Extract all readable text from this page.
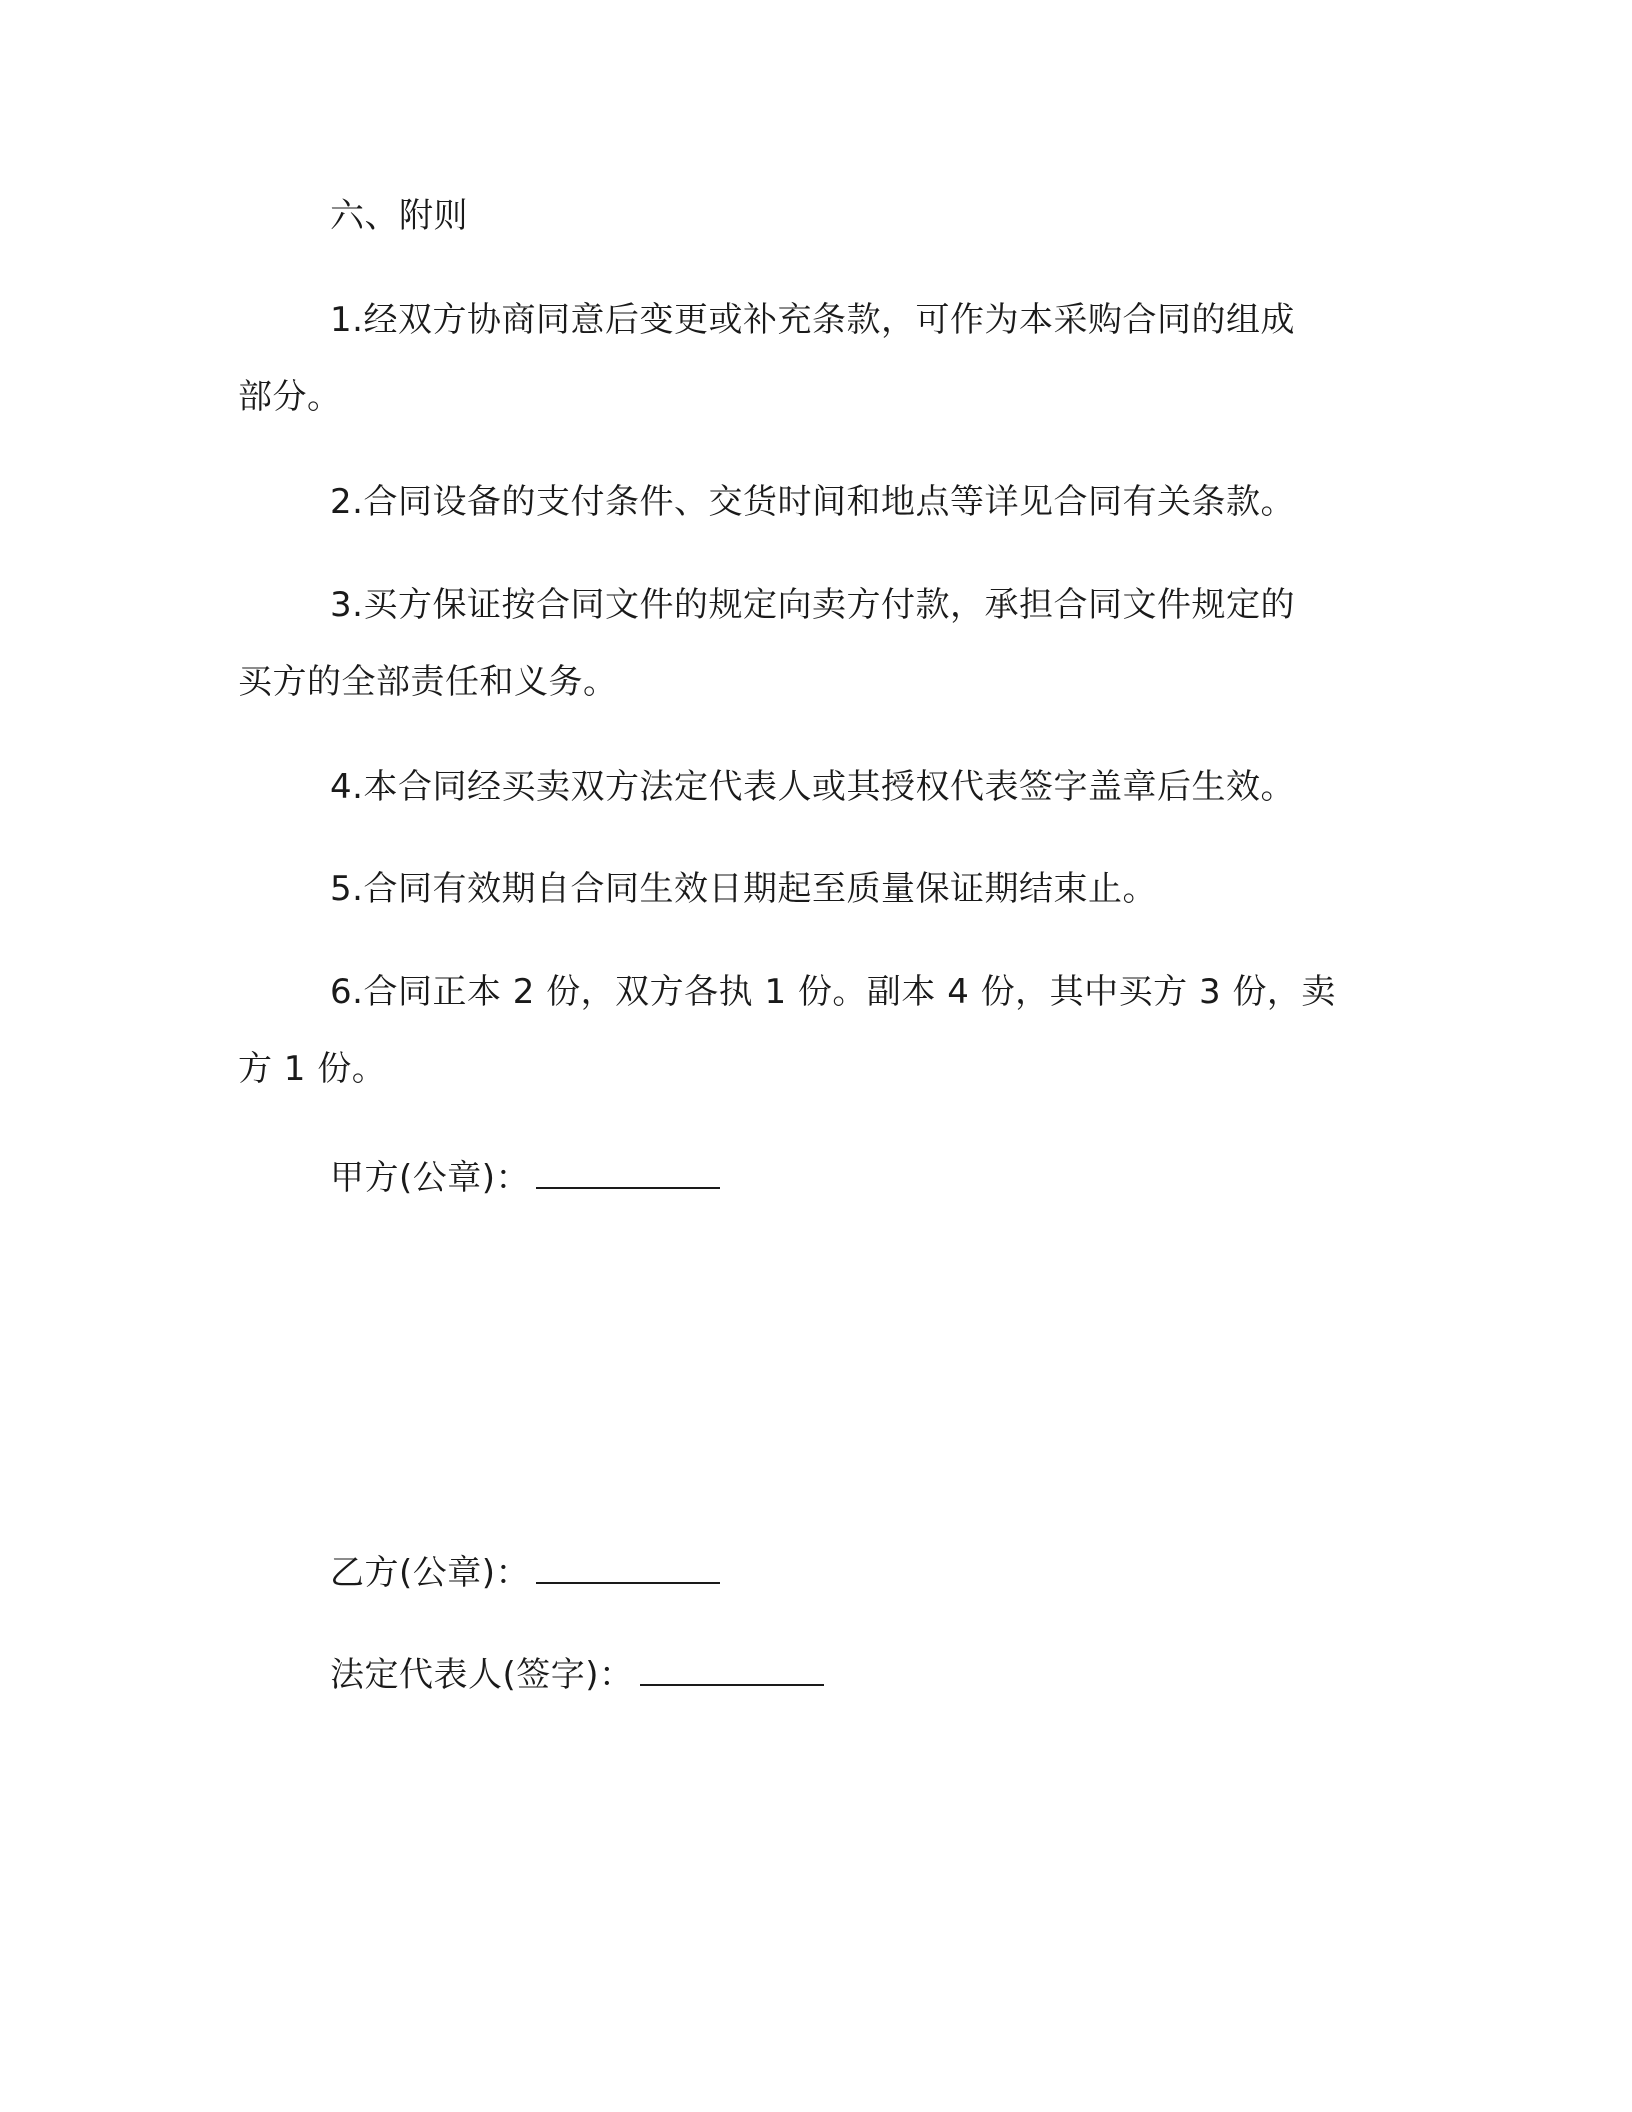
六、附则

1.经双方协商同意后变更或补充条款，可作为本采购合同的组成

部分。

2.合同设备的支付条件、交货时间和地点等详见合同有关条款。

3.买方保证按合同文件的规定向卖方付款，承担合同文件规定的

买方的全部责任和义务。

4.本合同经买卖双方法定代表人或其授权代表签字盖章后生效。

5.合同有效期自合同生效日期起至质量保证期结束止。

6.合同正本 2 份，双方各执 1 份。副本 4 份，其中买方 3 份，卖

方 1 份。

甲方(公章)：

乙方(公章)：

法定代表人(签字)：
